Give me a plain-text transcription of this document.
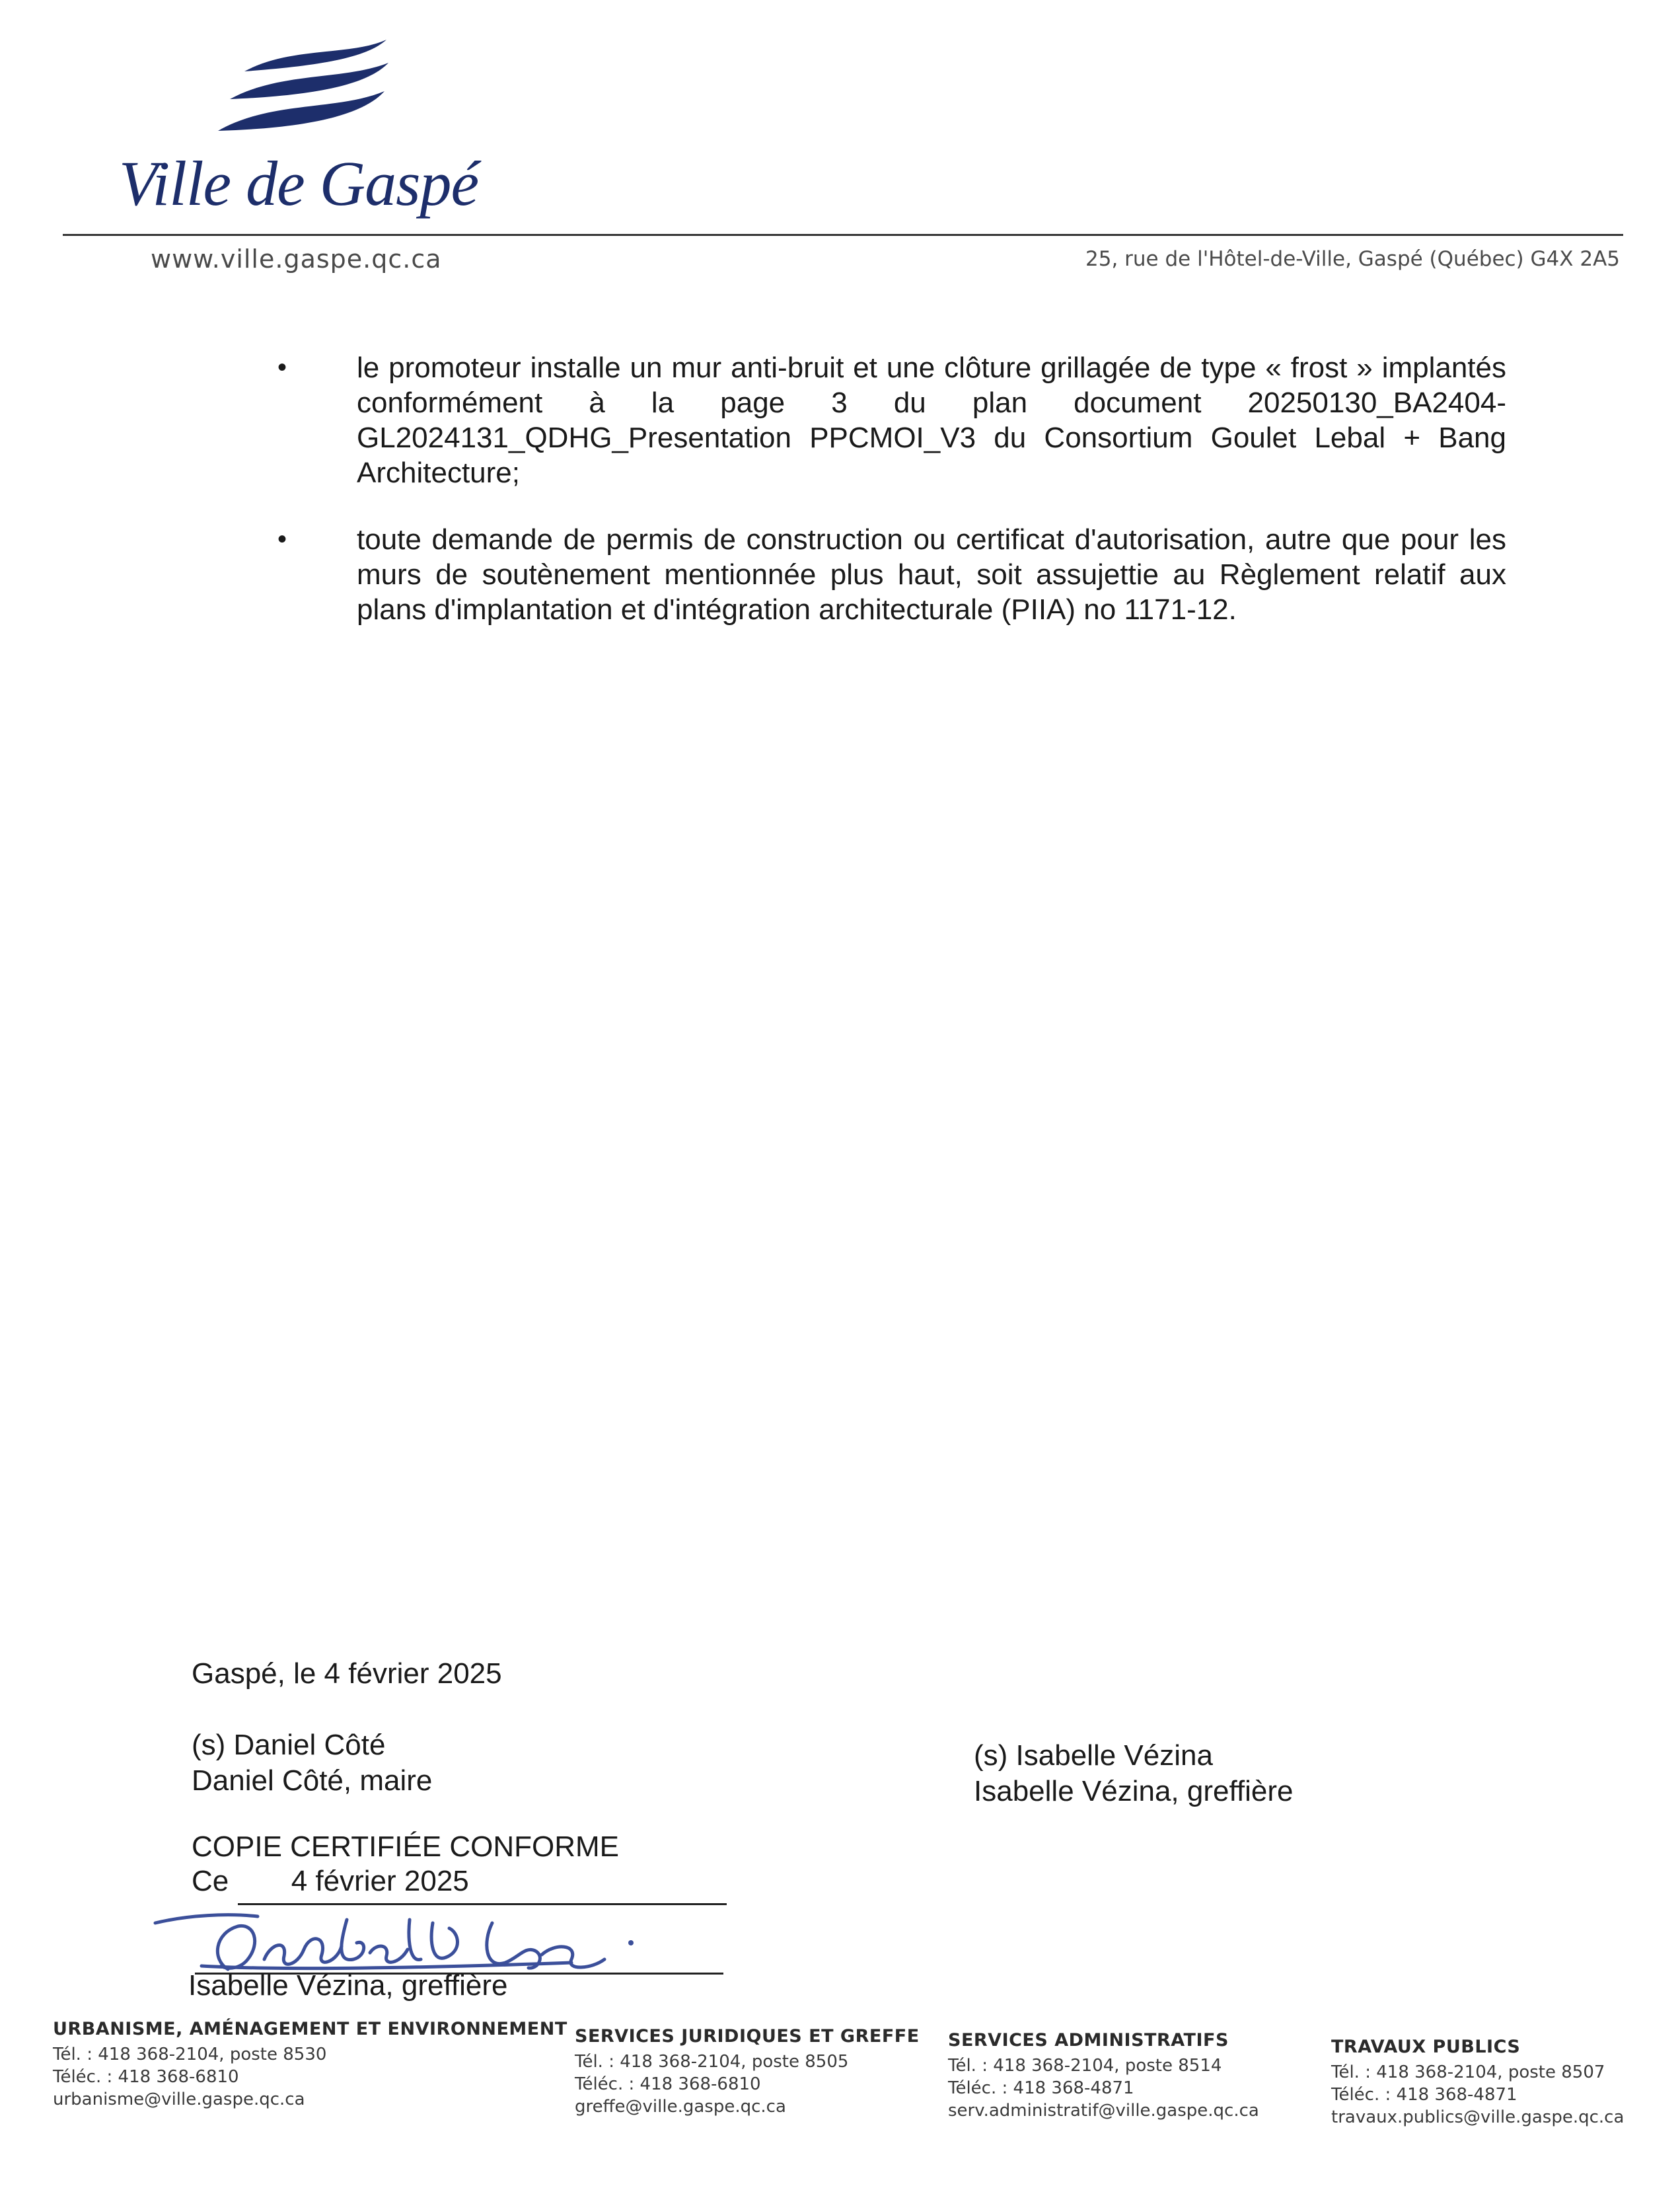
Ville de Gaspé
www.ville.gaspe.qc.ca	25, rue de l'Hôtel-de-Ville, Gaspé (Québec) G4X 2A5
• le promoteur installe un mur anti-bruit et une clôture grillagée de type « frost » implantés conformément à la page 3 du plan document 20250130_BA2404-GL2024131_QDHG_Presentation PPCMOI_V3 du Consortium Goulet Lebal + Bang Architecture;
• toute demande de permis de construction ou certificat d'autorisation, autre que pour les murs de soutènement mentionnée plus haut, soit assujettie au Règlement relatif aux plans d'implantation et d'intégration architecturale (PIIA) no 1171-12.
Gaspé, le 4 février 2025
(s) Daniel Côté
Daniel Côté, maire
(s) Isabelle Vézina
Isabelle Vézina, greffière
COPIE CERTIFIÉE CONFORME
Ce 4 février 2025
Isabelle Vézina, greffière
URBANISME, AMÉNAGEMENT ET ENVIRONNEMENT
Tél. : 418 368-2104, poste 8530
Téléc. : 418 368-6810
urbanisme@ville.gaspe.qc.ca
SERVICES JURIDIQUES ET GREFFE
Tél. : 418 368-2104, poste 8505
Téléc. : 418 368-6810
greffe@ville.gaspe.qc.ca
SERVICES ADMINISTRATIFS
Tél. : 418 368-2104, poste 8514
Téléc. : 418 368-4871
serv.administratif@ville.gaspe.qc.ca
TRAVAUX PUBLICS
Tél. : 418 368-2104, poste 8507
Téléc. : 418 368-4871
travaux.publics@ville.gaspe.qc.ca
